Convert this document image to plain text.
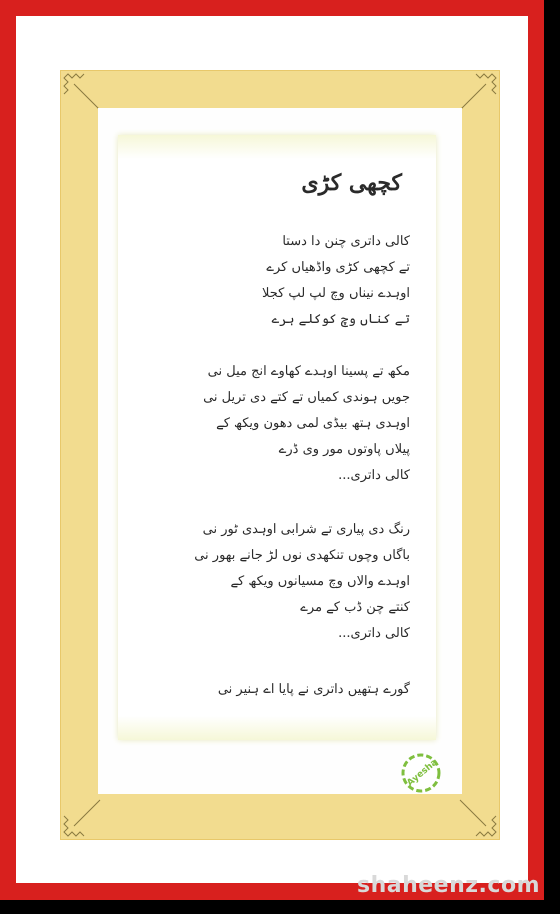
کچھی کڑی
کالی داتری چنن دا دستا
تے کچھی کڑی واڈھیاں کرے
اوہدے نیناں وچ لپ لپ کجلا
تے کناں وچ کوکلے ہرے
مکھ تے پسینا اوہدے کھاوے انج میل نی
جویں ہوندی کمیاں تے کتے دی تریل نی
اوہدی ہتھ بیڈی لمی دھون ویکھ کے
پیلاں پاوتوں مور وی ڈرے
کالی داتری...
رنگ دی پیاری تے شرابی اوہدی ٹور نی
باگاں وچوں تنکھدی نوں لڑ جانے بھور نی
اوہدے والاں وچ مسیانوں ویکھ کے
کنتے چن ڈب کے مرے
کالی داتری...
گورے ہتھیں داتری نے پایا اے ہنیر نی
Ayesha
shaheenz.com
